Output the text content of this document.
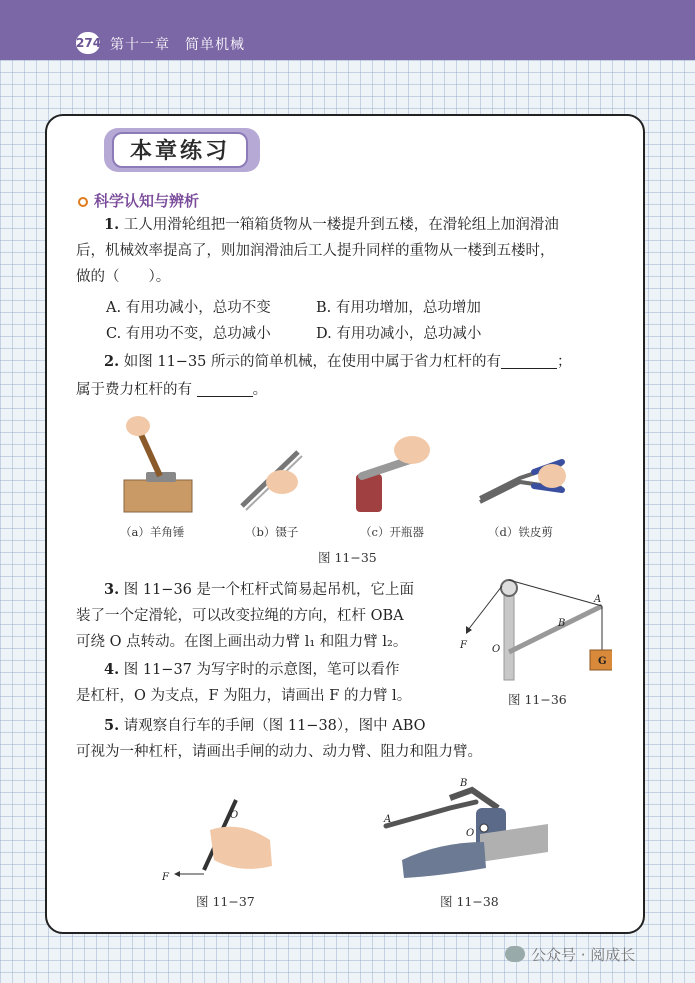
274 第十一章　简单机械
本章练习
科学认知与辨析
1. 工人用滑轮组把一箱箱货物从一楼提升到五楼，在滑轮组上加润滑油
后，机械效率提高了，则加润滑油后工人提升同样的重物从一楼到五楼时，
做的（　　）。
A. 有用功减小，总功不变	B. 有用功增加，总功增加
C. 有用功不变，总功减小	D. 有用功减小，总功减小
2. 如图 11−35 所示的简单机械，在使用中属于省力杠杆的有	；
属于费力杠杆的有	。
（a）羊角锤	（b）镊子	（c）开瓶器	（d）铁皮剪
图 11−35
3. 图 11−36 是一个杠杆式简易起吊机，它上面
装了一个定滑轮，可以改变拉绳的方向，杠杆 OBA
可绕 O 点转动。在图上画出动力臂 l₁ 和阻力臂 l₂。
4. 图 11−37 为写字时的示意图，笔可以看作
是杠杆，O 为支点，F 为阻力，请画出 F 的力臂 l。
F	O
B
A
G
图 11−36
5. 请观察自行车的手闸（图 11−38），图中 ABO
可视为一种杠杆，请画出手闸的动力、动力臂、阻力和阻力臂。
O
F
图 11−37
A
B
O
图 11−38
公众号 · 阅成长
